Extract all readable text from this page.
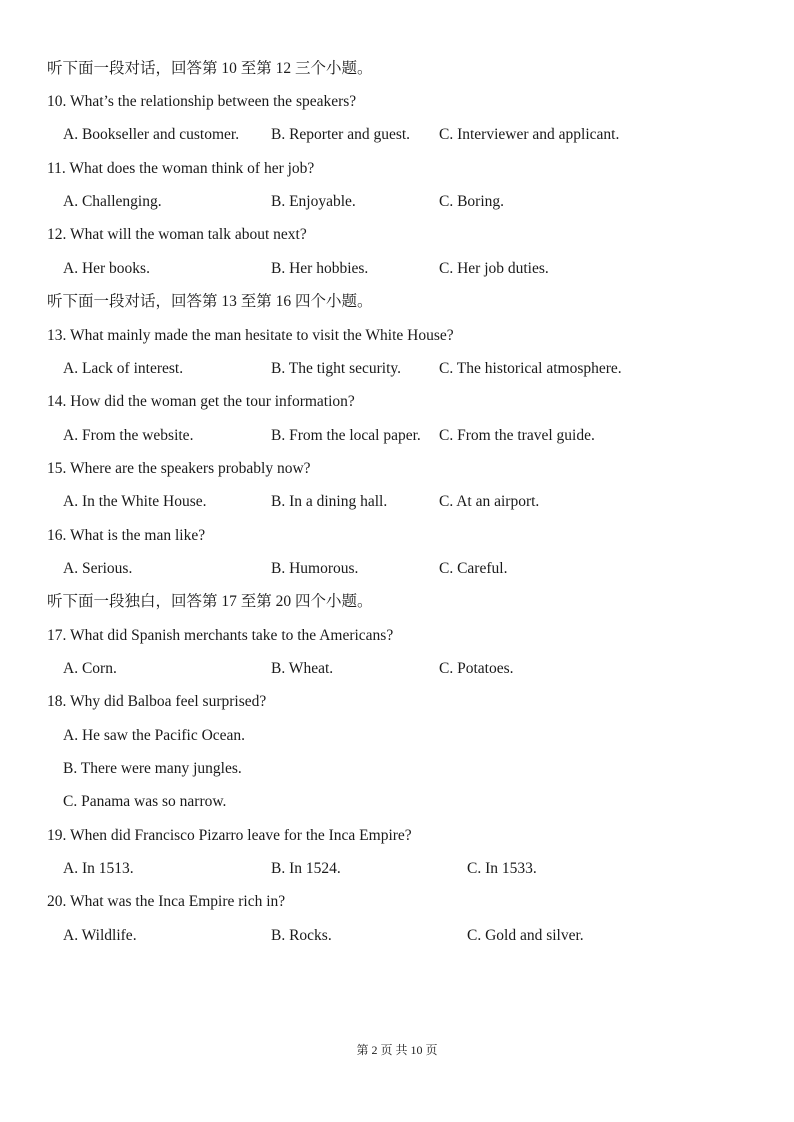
听下面一段对话，回答第 10 至第 12 三个小题。
10. What’s the relationship between the speakers?
A. Bookseller and customer. B. Reporter and guest. C. Interviewer and applicant.
11. What does the woman think of her job?
A. Challenging.	B. Enjoyable.	C. Boring.
12. What will the woman talk about next?
A. Her books.	B. Her hobbies.	C. Her job duties.
听下面一段对话，回答第 13 至第 16 四个小题。
13. What mainly made the man hesitate to visit the White House?
A. Lack of interest.	B. The tight security. C. The historical atmosphere.
14. How did the woman get the tour information?
A. From the website.	B. From the local paper. C. From the travel guide.
15. Where are the speakers probably now?
A. In the White House.	B. In a dining hall.	C. At an airport.
16. What is the man like?
A. Serious.	B. Humorous.	C. Careful.
听下面一段独白，回答第 17 至第 20 四个小题。
17. What did Spanish merchants take to the Americans?
A. Corn.	B. Wheat.	C. Potatoes.
18. Why did Balboa feel surprised?
A. He saw the Pacific Ocean.
B. There were many jungles.
C. Panama was so narrow.
19. When did Francisco Pizarro leave for the Inca Empire?
A. In 1513.	B. In 1524.	C. In 1533.
20. What was the Inca Empire rich in?
A. Wildlife.	B. Rocks.	C. Gold and silver.
第 2 页 共 10 页
